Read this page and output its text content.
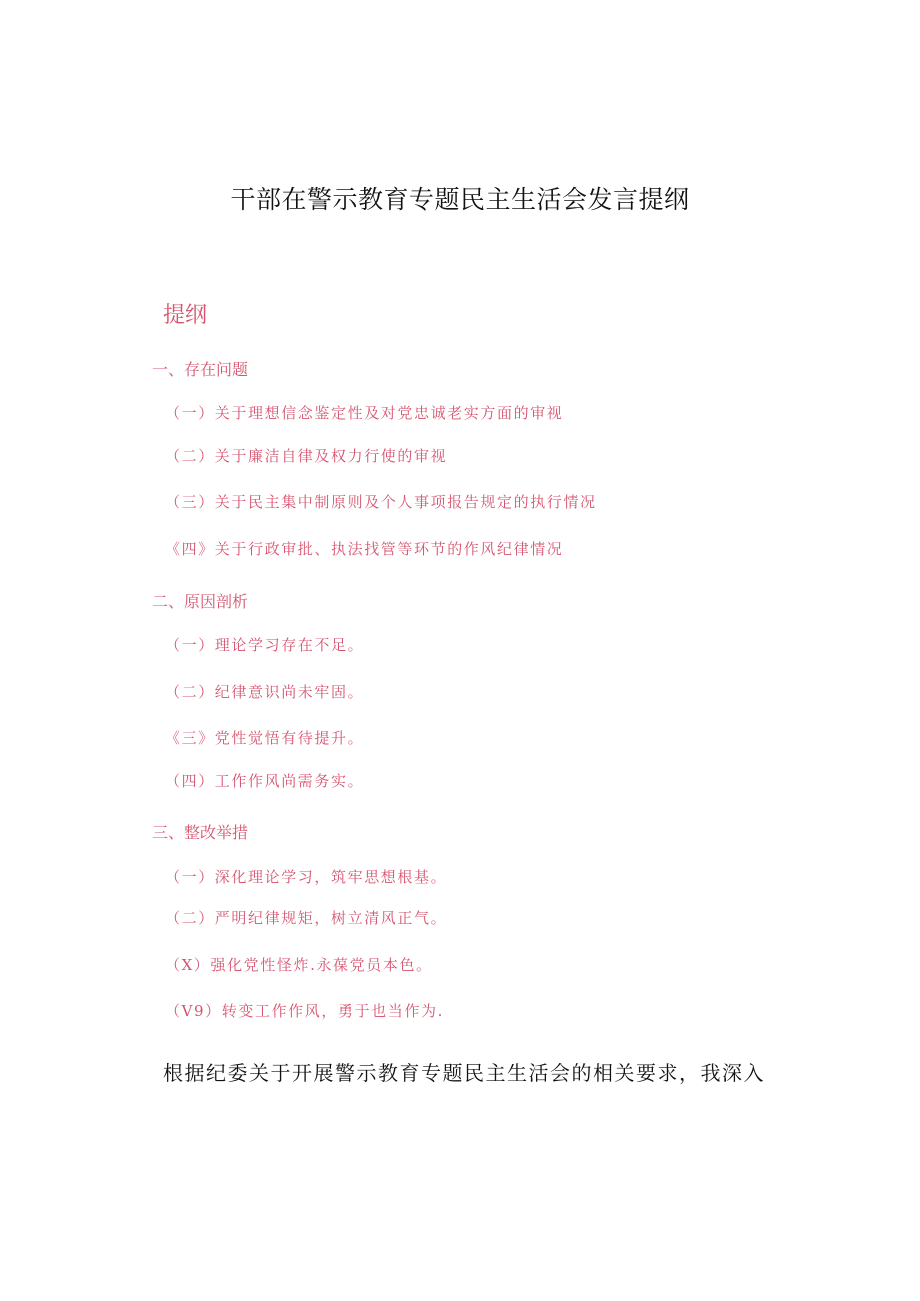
干部在警示教育专题民主生活会发言提纲
提纲
一、存在问题
（一）关于理想信念鉴定性及对党忠诚老实方面的审视
（二）关于廉洁自律及权力行使的审视
（三）关于民主集中制原则及个人事项报告规定的执行情况
《四》关于行政审批、执法找管等环节的作风纪律情况
二、原因剖析
（一）理论学习存在不足。
（二）纪律意识尚未牢固。
《三》党性觉悟有待提升。
（四）工作作风尚需务实。
三、整改举措
（一）深化理论学习，筑牢思想根基。
（二）严明纪律规矩，树立清风正气。
（X）强化党性怪炸.永葆党员本色。
（V9）转变工作作风，勇于也当作为.
根据纪委关于开展警示教育专题民主生活会的相关要求，我深入
